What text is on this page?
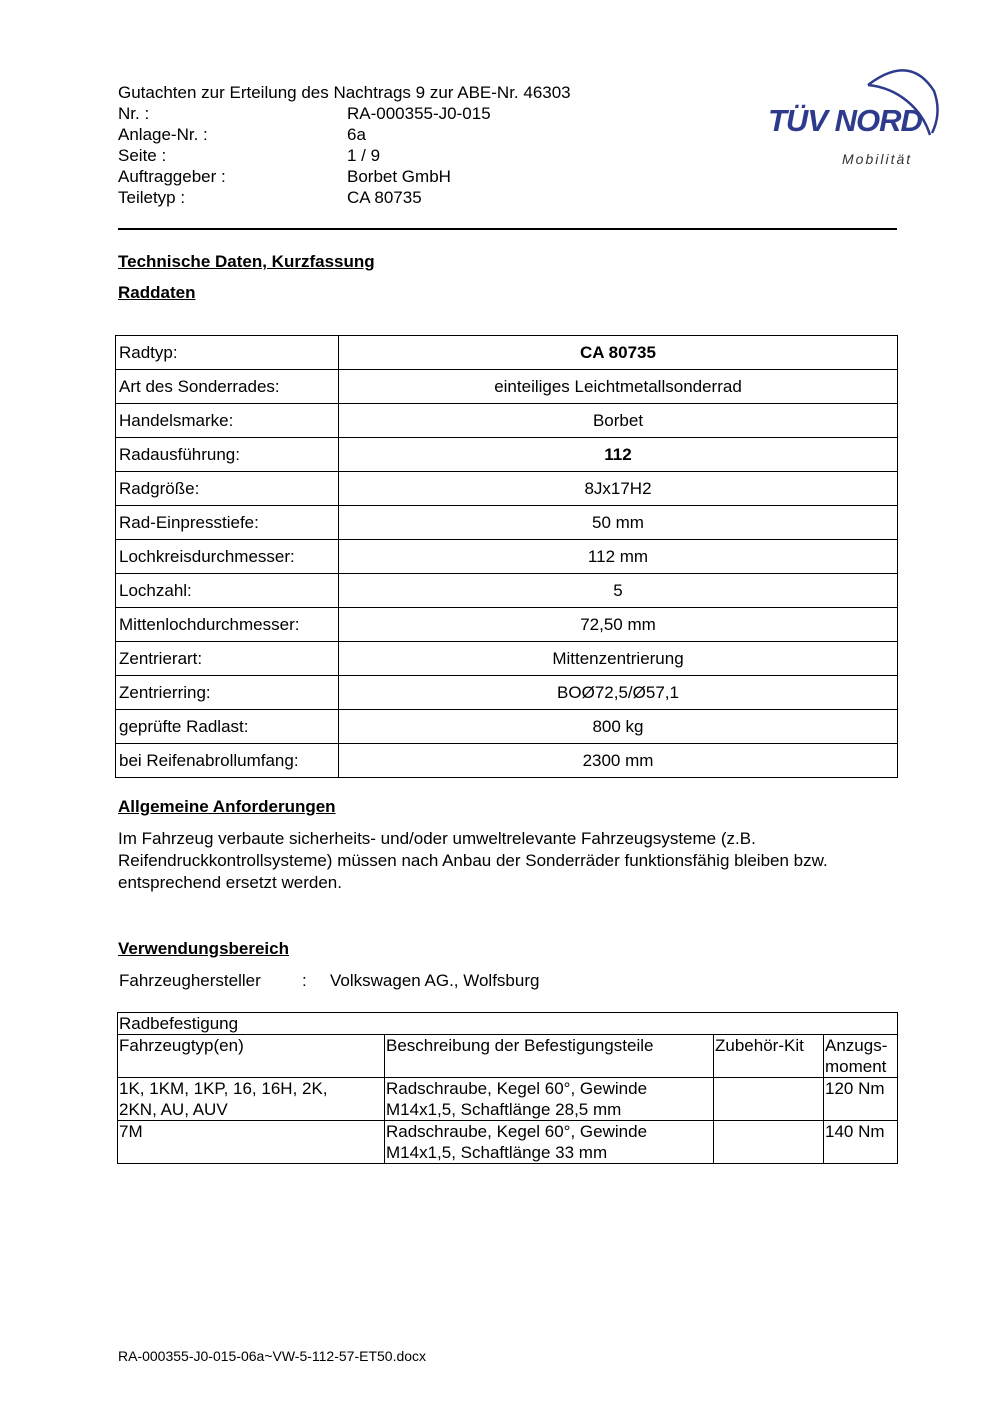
Gutachten zur Erteilung des Nachtrags 9 zur ABE-Nr. 46303
Nr. :	RA-000355-J0-015
Anlage-Nr. :	6a
Seite :	1 / 9
Auftraggeber :	Borbet GmbH
Teiletyp :	CA 80735
TÜV NORD
Mobilität
Technische Daten, Kurzfassung
Raddaten
Radtyp:	CA 80735
Art des Sonderrades:	einteiliges Leichtmetallsonderrad
Handelsmarke:	Borbet
Radausführung:	112
Radgröße:	8Jx17H2
Rad-Einpresstiefe:	50 mm
Lochkreisdurchmesser:	112 mm
Lochzahl:	5
Mittenlochdurchmesser:	72,50 mm
Zentrierart:	Mittenzentrierung
Zentrierring:	BOØ72,5/Ø57,1
geprüfte Radlast:	800 kg
bei Reifenabrollumfang:	2300 mm
Allgemeine Anforderungen
Im Fahrzeug verbaute sicherheits- und/oder umweltrelevante Fahrzeugsysteme (z.B.
Reifendruckkontrollsysteme) müssen nach Anbau der Sonderräder funktionsfähig bleiben bzw.
entsprechend ersetzt werden.
Verwendungsbereich
Fahrzeughersteller : Volkswagen AG., Wolfsburg
Radbefestigung			
Fahrzeugtyp(en)	Beschreibung der Befestigungsteile	Zubehör-Kit	Anzugs-
moment
1K, 1KM, 1KP, 16, 16H, 2K,
2KN, AU, AUV	Radschraube, Kegel 60°, Gewinde
M14x1,5, Schaftlänge 28,5 mm		120 Nm
7M	Radschraube, Kegel 60°, Gewinde
M14x1,5, Schaftlänge 33 mm		140 Nm
RA-000355-J0-015-06a~VW-5-112-57-ET50.docx
